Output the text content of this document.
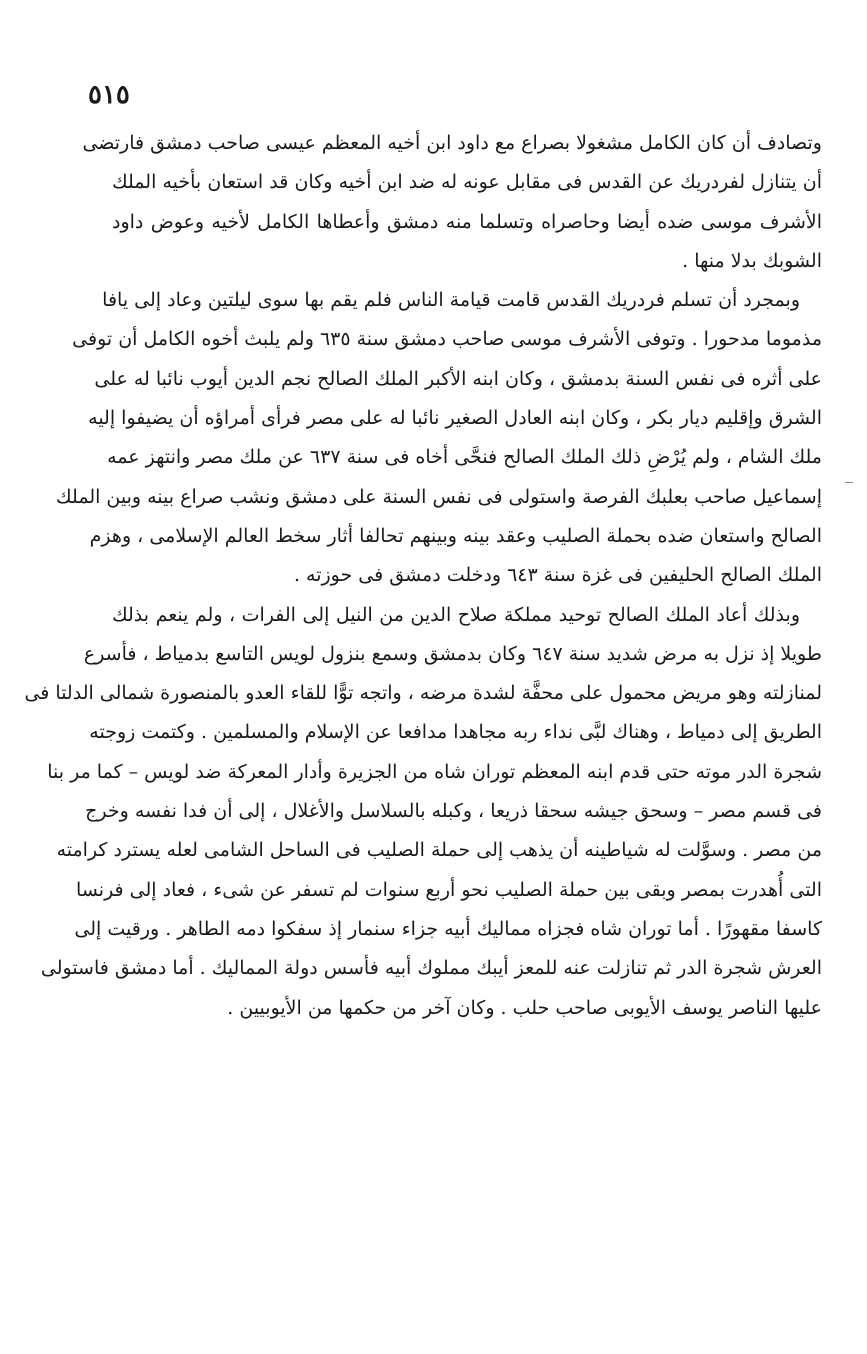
٥١٥
وتصادف أن كان الكامل مشغولا بصراع مع داود ابن أخيه المعظم عيسى صاحب دمشق فارتضى
أن يتنازل لفردريك عن القدس فى مقابل عونه له ضد ابن أخيه وكان قد استعان بأخيه الملك
الأشرف موسى ضده أيضا وحاصراه وتسلما منه دمشق وأعطاها الكامل لأخيه وعوض داود
الشوبك بدلا منها .
وبمجرد أن تسلم فردريك القدس قامت قيامة الناس فلم يقم بها سوى ليلتين وعاد إلى يافا
مذموما مدحورا . وتوفى الأشرف موسى صاحب دمشق سنة ٦٣٥ ولم يلبث أخوه الكامل أن توفى
على أثره فى نفس السنة بدمشق ، وكان ابنه الأكبر الملك الصالح نجم الدين أيوب نائبا له على
الشرق وإقليم ديار بكر ، وكان ابنه العادل الصغير نائبا له على مصر فرأى أمراؤه أن يضيفوا إليه
ملك الشام ، ولم يُرْضِ ذلك الملك الصالح فنحَّى أخاه فى سنة ٦٣٧ عن ملك مصر وانتهز عمه
إسماعيل صاحب بعلبك الفرصة واستولى فى نفس السنة على دمشق ونشب صراع بينه وبين الملك
الصالح واستعان ضده بحملة الصليب وعقد بينه وبينهم تحالفا أثار سخط العالم الإسلامى ، وهزم
الملك الصالح الحليفين فى غزة سنة ٦٤٣ ودخلت دمشق فى حوزته .
وبذلك أعاد الملك الصالح توحيد مملكة صلاح الدين من النيل إلى الفرات ، ولم ينعم بذلك
طويلا إذ نزل به مرض شديد سنة ٦٤٧ وكان بدمشق وسمع بنزول لويس التاسع بدمياط ، فأسرع
لمنازلته وهو مريض محمول على محفَّة لشدة مرضه ، واتجه توًّا للقاء العدو بالمنصورة شمالى الدلتا فى
الطريق إلى دمياط ، وهناك لبَّى نداء ربه مجاهدا مدافعا عن الإسلام والمسلمين . وكتمت زوجته
شجرة الدر موته حتى قدم ابنه المعظم توران شاه من الجزيرة وأدار المعركة ضد لويس – كما مر بنا
فى قسم مصر – وسحق جيشه سحقا ذريعا ، وكبله بالسلاسل والأغلال ، إلى أن فدا نفسه وخرج
من مصر . وسوَّلت له شياطينه أن يذهب إلى حملة الصليب فى الساحل الشامى لعله يسترد كرامته
التى أُهدرت بمصر وبقى بين حملة الصليب نحو أربع سنوات لم تسفر عن شىء ، فعاد إلى فرنسا
كاسفا مقهورًا . أما توران شاه فجزاه مماليك أبيه جزاء سنمار إذ سفكوا دمه الطاهر . ورقيت إلى
العرش شجرة الدر ثم تنازلت عنه للمعز أيبك مملوك أبيه فأسس دولة المماليك . أما دمشق فاستولى
عليها الناصر يوسف الأيوبى صاحب حلب . وكان آخر من حكمها من الأيوبيين .
